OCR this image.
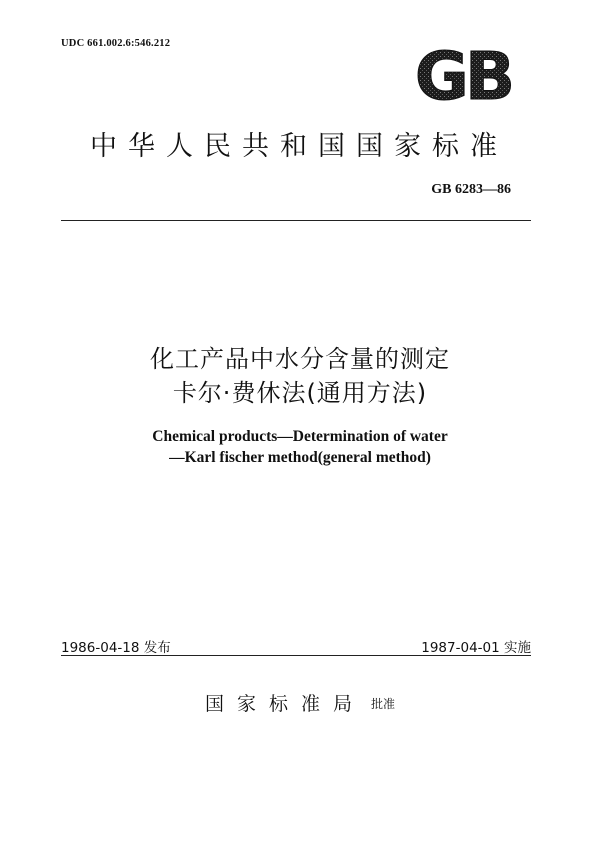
UDC 661.002.6:546.212	GB
中华人民共和国国家标准
GB 6283—86
化工产品中水分含量的测定
卡尔·费休法(通用方法)
Chemical products—Determination of water
—Karl fischer method(general method)
1986-04-18 发布	1987-04-01 实施
国家标准局 批准
